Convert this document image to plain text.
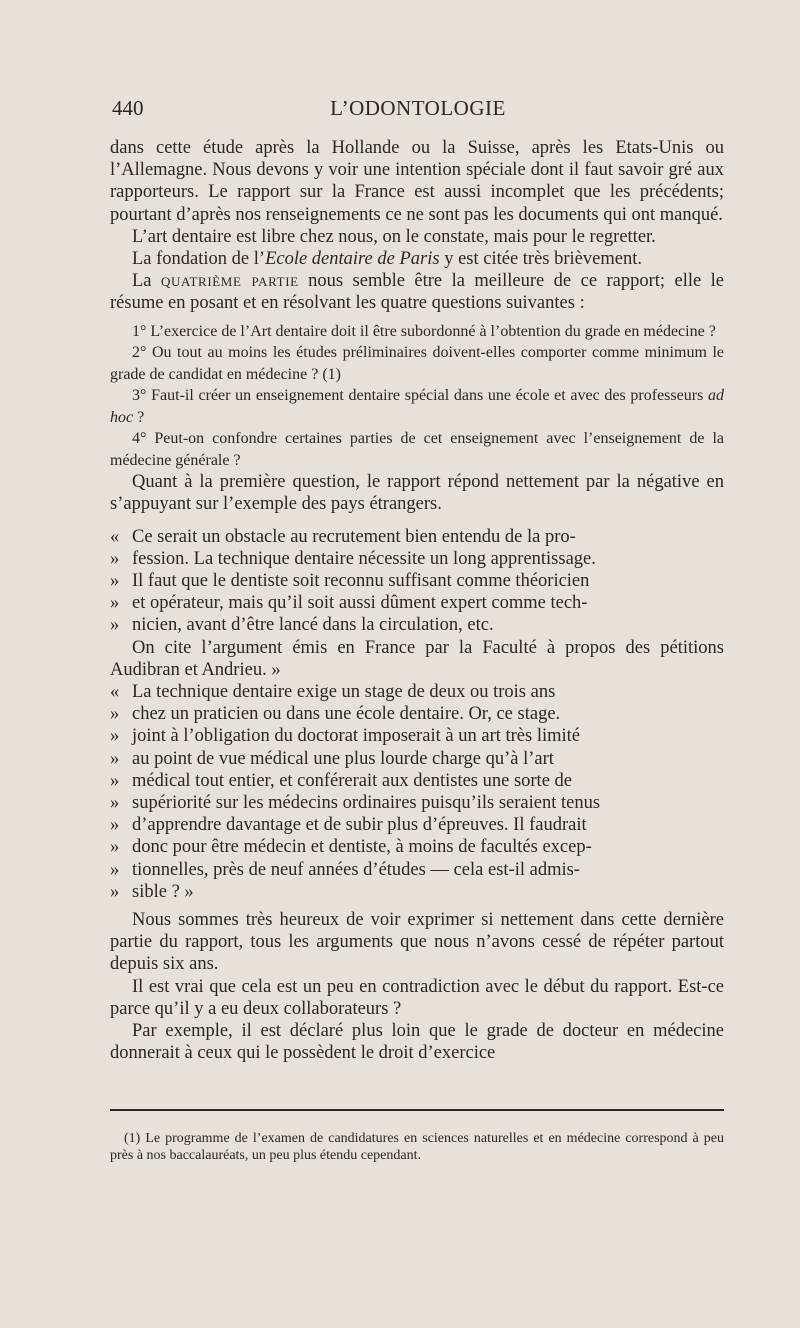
440	L’ODONTOLOGIE

dans cette étude après la Hollande ou la Suisse, après les Etats-Unis ou l’Allemagne. Nous devons y voir une intention spéciale dont il faut savoir gré aux rapporteurs. Le rapport sur la France est aussi incomplet que les précédents; pourtant d’après nos renseignements ce ne sont pas les documents qui ont manqué.

L’art dentaire est libre chez nous, on le constate, mais pour le regretter.

La fondation de l’Ecole dentaire de Paris y est citée très brièvement.

La quatrième partie nous semble être la meilleure de ce rapport; elle le résume en posant et en résolvant les quatre questions suivantes :

1° L’exercice de l’Art dentaire doit il être subordonné à l’obtention du grade en médecine ?

2° Ou tout au moins les études préliminaires doivent-elles comporter comme minimum le grade de candidat en médecine ? (1)

3° Faut-il créer un enseignement dentaire spécial dans une école et avec des professeurs ad hoc ?

4° Peut-on confondre certaines parties de cet enseignement avec l’enseignement de la médecine générale ?

Quant à la première question, le rapport répond nettement par la négative en s’appuyant sur l’exemple des pays étrangers.

« Ce serait un obstacle au recrutement bien entendu de la pro-
» fession. La technique dentaire nécessite un long apprentissage.
» Il faut que le dentiste soit reconnu suffisant comme théoricien
» et opérateur, mais qu’il soit aussi dûment expert comme tech-
» nicien, avant d’être lancé dans la circulation, etc.

On cite l’argument émis en France par la Faculté à propos des pétitions Audibran et Andrieu. »

« La technique dentaire exige un stage de deux ou trois ans
» chez un praticien ou dans une école dentaire. Or, ce stage.
» joint à l’obligation du doctorat imposerait à un art très limité
» au point de vue médical une plus lourde charge qu’à l’art
» médical tout entier, et conférerait aux dentistes une sorte de
» supériorité sur les médecins ordinaires puisqu’ils seraient tenus
» d’apprendre davantage et de subir plus d’épreuves. Il faudrait
» donc pour être médecin et dentiste, à moins de facultés excep-
» tionnelles, près de neuf années d’études — cela est-il admis-
» sible ? »

Nous sommes très heureux de voir exprimer si nettement dans cette dernière partie du rapport, tous les arguments que nous n’avons cessé de répéter partout depuis six ans.

Il est vrai que cela est un peu en contradiction avec le début du rapport. Est-ce parce qu’il y a eu deux collaborateurs ?

Par exemple, il est déclaré plus loin que le grade de docteur en médecine donnerait à ceux qui le possèdent le droit d’exercice

(1) Le programme de l’examen de candidatures en sciences naturelles et en médecine correspond à peu près à nos baccalauréats, un peu plus étendu cependant.
